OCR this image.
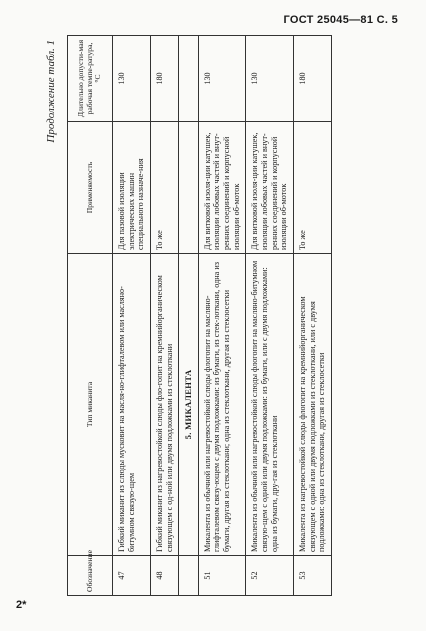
ГОСТ 25045—81 С. 5
Продолжение табл. 1
Обозначение	Тип миканита	Применяемость	Длительно допусти-мая рабочая темпе-ратура, °C
47	Гибкий миканит из слюды мусковит на масля-но-глифталевом или масляно-битумном связую-щем	Для пазовой изоляции электрических машин специального назначе-ния	130
48	Гибкий миканит из нагревостойкой слюды фло-гопит на кремнийорганическом связующем с од-ной или двумя подложками из стеклоткани	То же	180
	5. МИКАЛЕНТА		
51	Микалента из обычной или нагревостойкой слюды флогопит на масляно-глифталевом связу-ющем с двумя подложками: из бумаги, из стек-лоткани, одна из бумаги, другая из стеклоткани; одна из стеклоткани, другая из стеклосетки	Для витковой изоля-ции катушек, изоляции лобовых частей и внут-ренних соединений и корпусной изоляции об-моток	130
52	Микалента из обычной или нагревостойкой слюды флогопит на масляно-битумном связую-щем с одной или двумя подложками: из бумаги, или с двумя подложками: одна из бумаги, дру-гая из стеклоткани	Для витковой изоля-ции катушек, изоляции лобовых частей и внут-ренних соединений и корпусной изоляции об-моток	130
53	Микалента из нагревостойкой слюды флогопит на кремнийорганическом связующем с одной или двумя подложками из стеклоткани, или с двумя подложками: одна из стеклоткани, другая из стеклосетки	То же	180
2*
